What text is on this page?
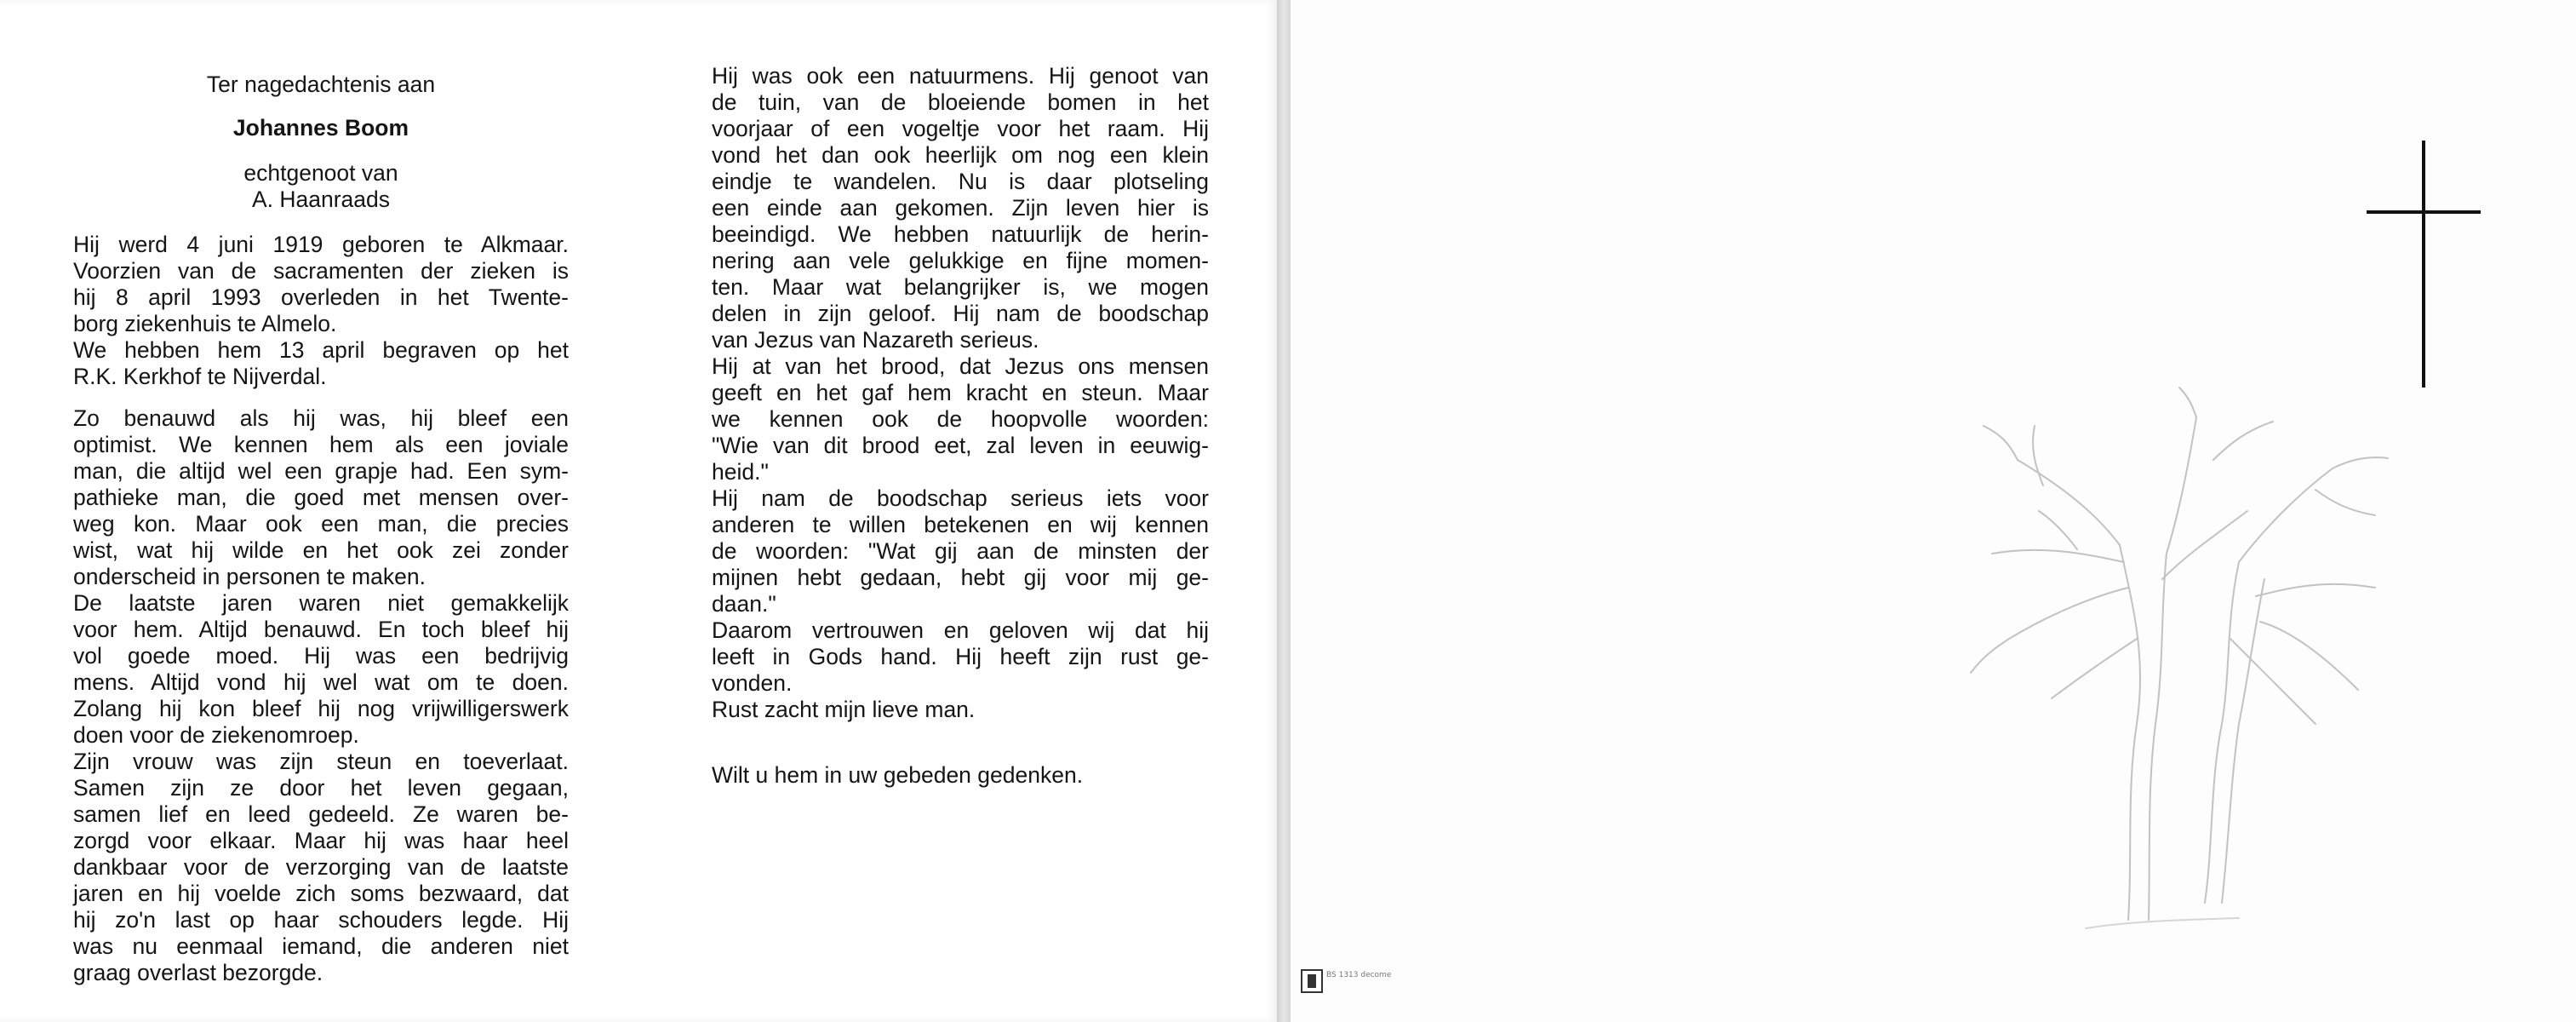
Ter nagedachtenis aan

Johannes Boom

echtgenoot van

A. Haanraads

Hij werd 4 juni 1919 geboren te Alkmaar.
Voorzien van de sacramenten der zieken is
hij 8 april 1993 overleden in het Twente-
borg ziekenhuis te Almelo.
We hebben hem 13 april begraven op het
R.K. Kerkhof te Nijverdal.
Zo benauwd als hij was, hij bleef een
optimist. We kennen hem als een joviale
man, die altijd wel een grapje had. Een sym-
pathieke man, die goed met mensen over-
weg kon. Maar ook een man, die precies
wist, wat hij wilde en het ook zei zonder
onderscheid in personen te maken.
De laatste jaren waren niet gemakkelijk
voor hem. Altijd benauwd. En toch bleef hij
vol goede moed. Hij was een bedrijvig
mens. Altijd vond hij wel wat om te doen.
Zolang hij kon bleef hij nog vrijwilligerswerk
doen voor de ziekenomroep.
Zijn vrouw was zijn steun en toeverlaat.
Samen zijn ze door het leven gegaan,
samen lief en leed gedeeld. Ze waren be-
zorgd voor elkaar. Maar hij was haar heel
dankbaar voor de verzorging van de laatste
jaren en hij voelde zich soms bezwaard, dat
hij zo'n last op haar schouders legde. Hij
was nu eenmaal iemand, die anderen niet
graag overlast bezorgde.
Hij was ook een natuurmens. Hij genoot van
de tuin, van de bloeiende bomen in het
voorjaar of een vogeltje voor het raam. Hij
vond het dan ook heerlijk om nog een klein
eindje te wandelen. Nu is daar plotseling
een einde aan gekomen. Zijn leven hier is
beeindigd. We hebben natuurlijk de herin-
nering aan vele gelukkige en fijne momen-
ten. Maar wat belangrijker is, we mogen
delen in zijn geloof. Hij nam de boodschap
van Jezus van Nazareth serieus.
Hij at van het brood, dat Jezus ons mensen
geeft en het gaf hem kracht en steun. Maar
we kennen ook de hoopvolle woorden:
"Wie van dit brood eet, zal leven in eeuwig-
heid."
Hij nam de boodschap serieus iets voor
anderen te willen betekenen en wij kennen
de woorden: "Wat gij aan de minsten der
mijnen hebt gedaan, hebt gij voor mij ge-
daan."
Daarom vertrouwen en geloven wij dat hij
leeft in Gods hand. Hij heeft zijn rust ge-
vonden.
Rust zacht mijn lieve man.

Wilt u hem in uw gebeden gedenken.

BS 1313 decome
